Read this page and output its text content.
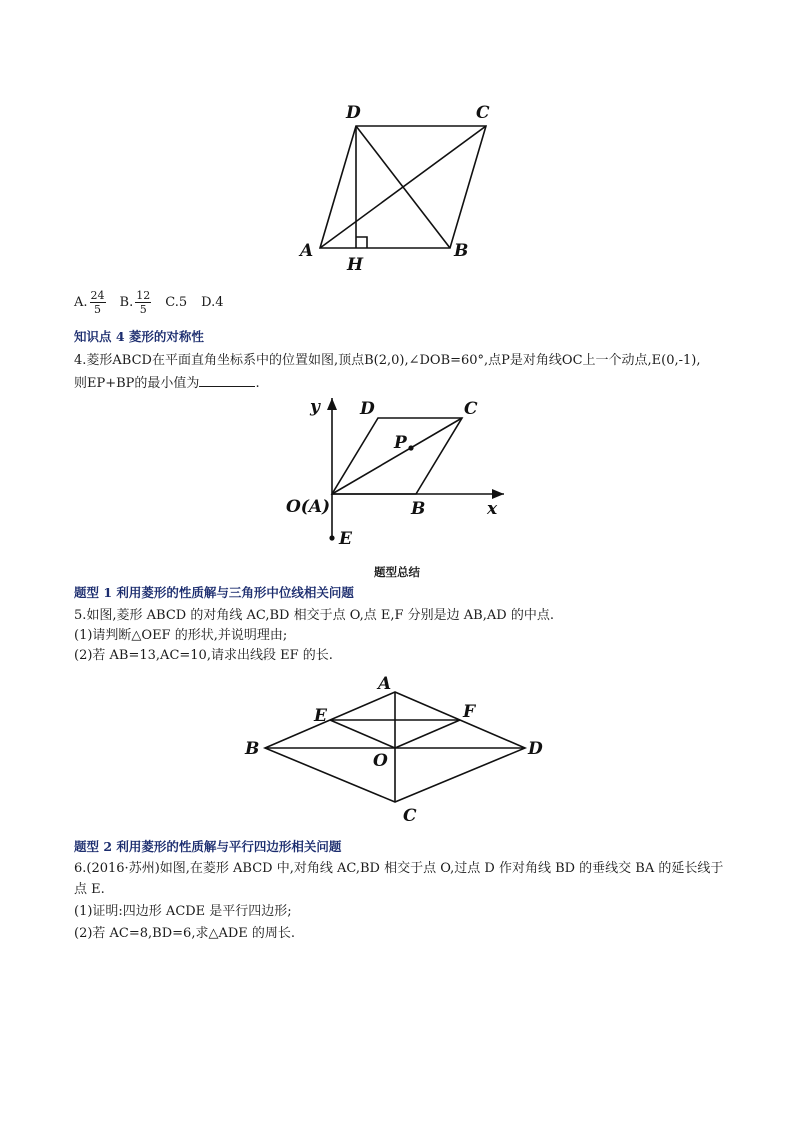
D	C
A	B
H
A. $\frac{24}{5} B$. $\frac{12}{5} C.5$ D.4
知识点 4 菱形的对称性
4.菱形ABCD在平面直角坐标系中的位置如图,顶点B(2,0),∠DOB=60°,点P是对角线OC上一个动点,E(0,-1),
则EP+BP的最小值为	.
y D	C
P
O(A)	B	x
E
题型总结
题型 1 利用菱形的性质解与三角形中位线相关问题
5.如图,菱形 ABCD 的对角线 AC,BD 相交于点 O,点 E,F 分别是边 AB,AD 的中点.
(1)请判断△OEF 的形状,并说明理由;
(2)若 AB=13,AC=10,请求出线段 EF 的长.
A
E	F
B
O
D
C
题型 2 利用菱形的性质解与平行四边形相关问题
6.(2016·苏州)如图,在菱形 ABCD 中,对角线 AC,BD 相交于点 O,过点 D 作对角线 BD 的垂线交 BA 的延长线于
点 E.
(1)证明:四边形 ACDE 是平行四边形;
(2)若 AC=8,BD=6,求△ADE 的周长.
